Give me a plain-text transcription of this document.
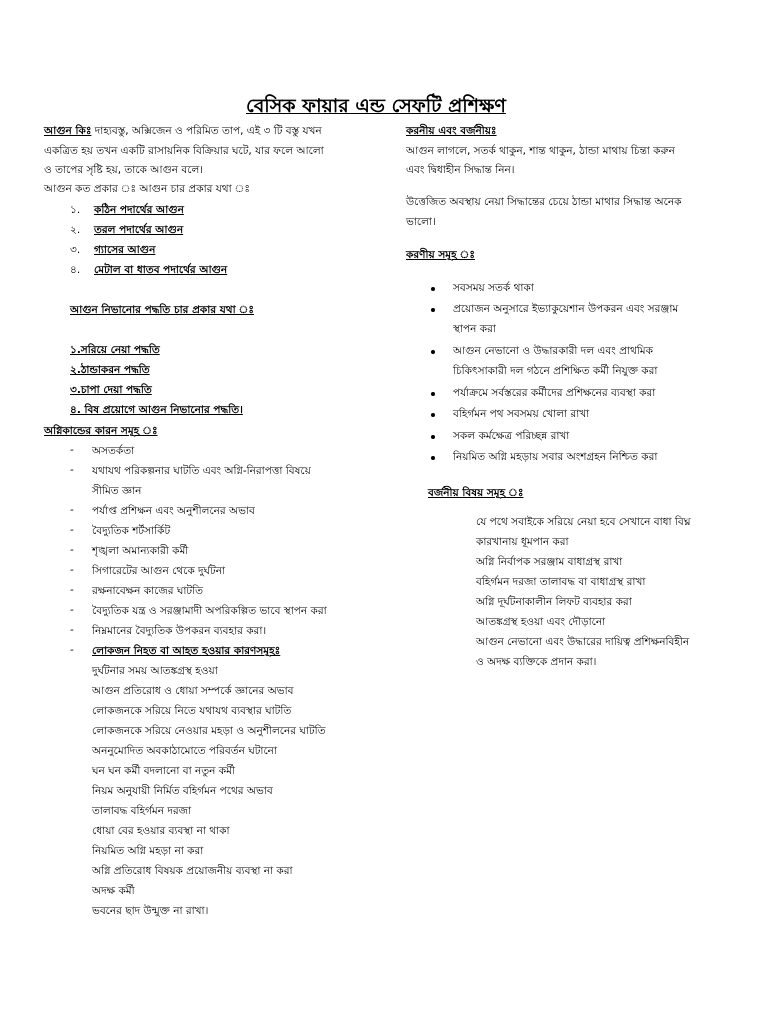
বেসিক ফায়ার এন্ড সেফটি প্রশিক্ষণ
আগুন কিঃ দাহ্যবস্তু, অক্সিজেন ও পরিমিত তাপ, এই ৩ টি বস্তু যখন
একত্রিত হয় তখন একটি রাসায়নিক বিক্রিয়ার ঘটে, যার ফলে আলো
ও তাপের সৃষ্টি হয়, তাকে আগুন বলে।
আগুন কত প্রকার ঃ আগুন চার প্রকার যথা ঃ
১. কঠিন পদার্থের আগুন
২. তরল পদার্থের আগুন
৩. গ্যাসের আগুন
৪. মেটাল বা ধাতব পদার্থের আগুন
আগুন নিভানোর পদ্ধতি চার প্রকার যথা ঃ
১.সরিয়ে নেয়া পদ্ধতি
২.ঠান্ডাকরন পদ্ধতি
৩.চাপা দেয়া পদ্ধতি
৪. বিষ প্রয়োগে আগুন নিভানোর পদ্ধতি।
অগ্নিকান্ডের কারন সমূহ ঃ
- অসতর্কতা
- যথাযথ পরিকল্পনার ঘাটতি এবং অগ্নি-নিরাপত্তা বিষয়ে
সীমিত জ্ঞান
- পর্যাপ্ত প্রশিক্ষন এবং অনুশীলনের অভাব
- বৈদ্যুতিক শর্টসার্কিট
- শৃঙ্খলা অমান্যকারী কর্মী
- সিগারেটের আগুন থেকে দুর্ঘটনা
- রক্ষনাবেক্ষন কাজের ঘাটতি
- বৈদ্যুতিক যন্ত্র ও সরঞ্জামাদী অপরিকল্পিত ভাবে স্থাপন করা
- নিম্নমানের বৈদ্যুতিক উপকরন ব্যবহার করা।
- লোকজন নিহত বা আহত হওয়ার কারণসমূহঃ
দুর্ঘটনার সময় আতঙ্কগ্রস্থ হওয়া
আগুন প্রতিরোধ ও ধোয়া সম্পর্কে জ্ঞানের অভাব
লোকজনকে সরিয়ে নিতে যথাযথ ব্যবস্থার ঘাটতি
লোকজনকে সরিয়ে নেওয়ার মহড়া ও অনুশীলনের ঘাটতি
অননুমোদিত অবকাঠামোতে পরিবর্তন ঘটানো
ঘন ঘন কর্মী বদলানো বা নতুন কর্মী
নিয়ম অনুযায়ী নির্মিত বহির্গমন পথের অভাব
তালাবদ্ধ বহির্গমন দরজা
ধোয়া বের হওয়ার ব্যবস্থা না থাকা
নিয়মিত অগ্নি মহড়া না করা
অগ্নি প্রতিরোধ বিষয়ক প্রয়োজনীয় ব্যবস্থা না করা
অদক্ষ কর্মী
ভবনের ছাদ উন্মুক্ত না রাখা।
করনীয় এবং বর্জনীয়ঃ
আগুন লাগলে, সতর্ক থাকুন, শান্ত থাকুন, ঠান্ডা মাথায় চিন্তা করুন
এবং দ্বিধাহীন সিদ্ধান্ত নিন।
উত্তেজিত অবস্থায় নেয়া সিদ্ধান্তের চেয়ে ঠান্ডা মাথার সিদ্ধান্ত অনেক
ভালো।
করণীয় সমূহ ঃ
সবসময় সতর্ক থাকা
প্রয়োজন অনুসারে ইভ্যাকুয়েশান উপকরন এবং সরঞ্জাম
স্থাপন করা
আগুন নেভানো ও উদ্ধারকারী দল এবং প্রাথমিক
চিকিৎসাকারী দল গঠনে প্রশিক্ষিত কর্মী নিযুক্ত করা
পর্যাক্রমে সর্বস্তরের কর্মীদের প্রশিক্ষনের ব্যবস্থা করা
বহির্গমন পথ সবসময় খোলা রাখা
সকল কর্মক্ষেত্র পরিচ্ছন্ন রাখা
নিয়মিত অগ্নি মহড়ায় সবার অংশগ্রহন নিশ্চিত করা
বর্জনীয় বিষয় সমূহ ঃ
যে পথে সবাইকে সরিয়ে নেয়া হবে সেখানে বাধা বিঘ্ন
কারখানায় ধূমপান করা
অগ্নি নির্বাপক সরঞ্জাম বাধাগ্রস্থ রাখা
বহির্গমন দরজা তালাবদ্ধ বা বাধাগ্রস্থ রাখা
অগ্নি দূর্ঘটনাকালীন লিফট ব্যবহার করা
আতঙ্কগ্রস্থ হওয়া এবং দৌড়ানো
আগুন নেভানো এবং উদ্ধারের দায়িত্ব প্রশিক্ষনবিহীন
ও অদক্ষ ব্যক্তিকে প্রদান করা।
